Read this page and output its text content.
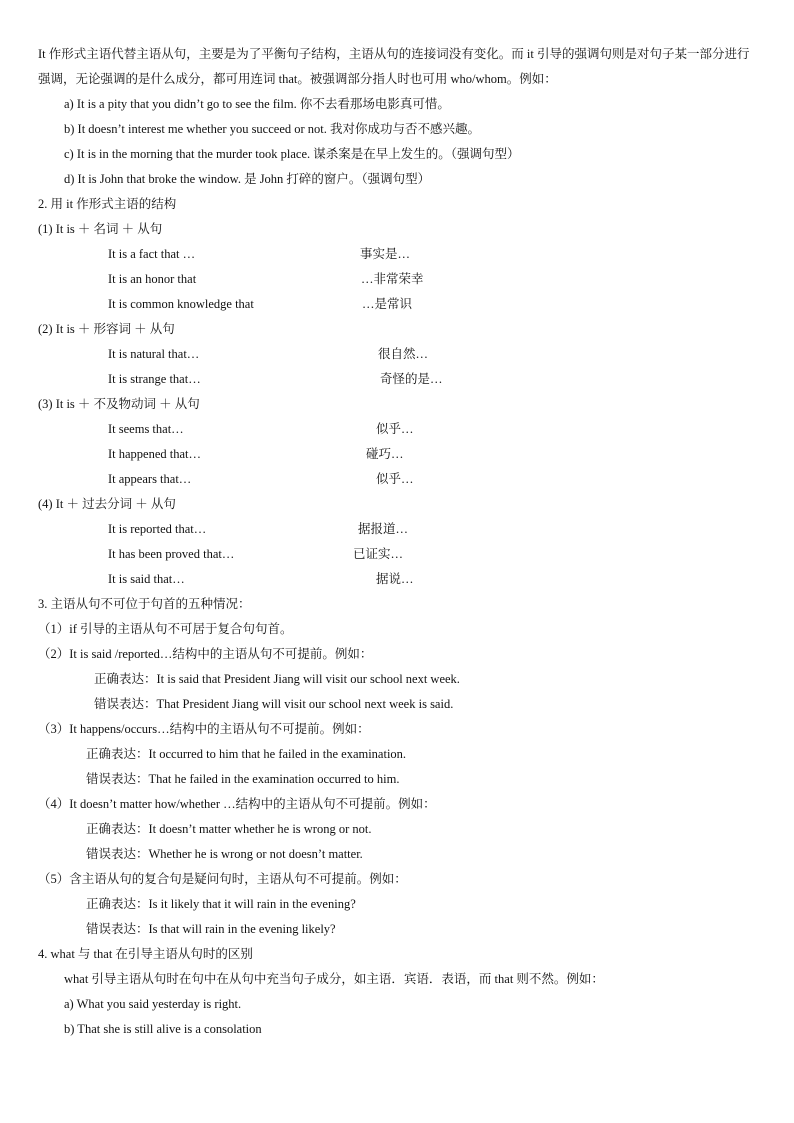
It 作形式主语代替主语从句，主要是为了平衡句子结构，主语从句的连接词没有变化。而 it 引导的强调句则是对句子某一部分进行强调，无论强调的是什么成分，都可用连词 that。被强调部分指人时也可用 who/whom。例如：
a) It is a pity that you didn’t go to see the film. 你不去看那场电影真可惜。
b) It doesn’t interest me whether you succeed or not. 我对你成功与否不感兴趣。
c) It is in the morning that the murder took place. 谋杀案是在早上发生的。（强调句型）
d) It is John that broke the window. 是 John 打碎的窗户。（强调句型）
2. 用 it 作形式主语的结构
(1) It is ＋ 名词 ＋ 从句
It is a fact that …	事实是…
It is an honor that	…非常荣幸
It is common knowledge that	…是常识
(2) It is ＋ 形容词 ＋ 从句
It is natural that…	很自然…
It is strange that…	奇怪的是…
(3) It is ＋ 不及物动词 ＋ 从句
It seems that…	似乎…
It happened that…	碰巧…
It appears that…	似乎…
(4) It ＋ 过去分词 ＋ 从句
It is reported that…	据报道…
It has been proved that…	已证实…
It is said that…	据说…
3. 主语从句不可位于句首的五种情况：
（1）if 引导的主语从句不可居于复合句句首。
（2）It is said /reported…结构中的主语从句不可提前。例如：
正确表达：It is said that President Jiang will visit our school next week.
错误表达：That President Jiang will visit our school next week is said.
（3）It happens/occurs…结构中的主语从句不可提前。例如：
正确表达：It occurred to him that he failed in the examination.
错误表达：That he failed in the examination occurred to him.
（4）It doesn’t matter how/whether …结构中的主语从句不可提前。例如：
正确表达：It doesn’t matter whether he is wrong or not.
错误表达：Whether he is wrong or not doesn’t matter.
（5）含主语从句的复合句是疑问句时，主语从句不可提前。例如：
正确表达：Is it likely that it will rain in the evening?
错误表达：Is that will rain in the evening likely?
4. what 与 that 在引导主语从句时的区别
what 引导主语从句时在句中在从句中充当句子成分，如主语．宾语．表语，而 that 则不然。例如：
a) What you said yesterday is right.
b) That she is still alive is a consolation
